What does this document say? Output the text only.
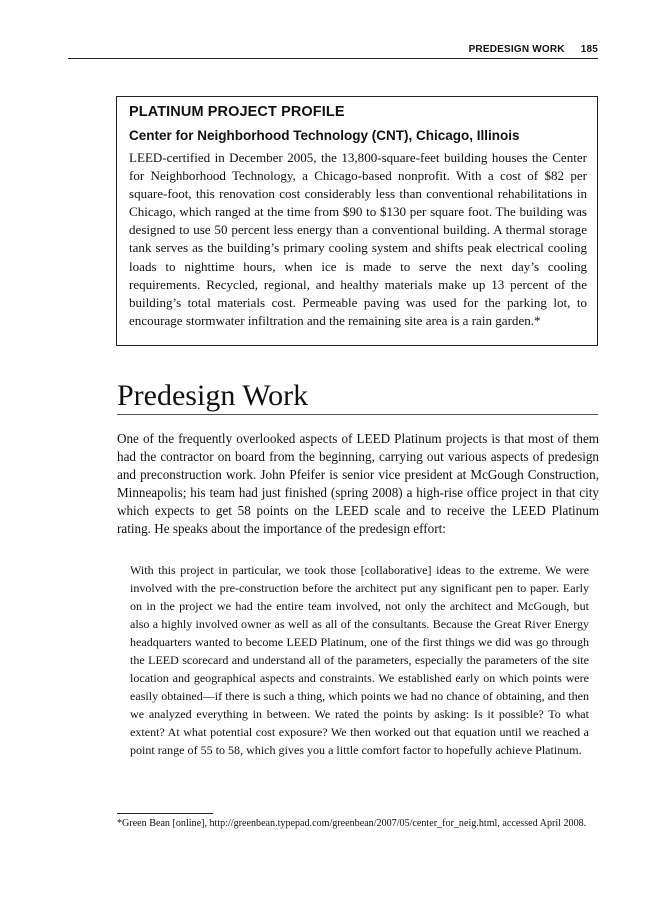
PREDESIGN WORK 185
PLATINUM PROJECT PROFILE
Center for Neighborhood Technology (CNT), Chicago, Illinois

LEED-certified in December 2005, the 13,800-square-feet building houses the Center for Neighborhood Technology, a Chicago-based nonprofit. With a cost of $82 per square-foot, this renovation cost considerably less than conventional rehabilitations in Chicago, which ranged at the time from $90 to $130 per square foot. The building was designed to use 50 percent less energy than a conventional building. A thermal storage tank serves as the building’s primary cooling system and shifts peak electrical cooling loads to nighttime hours, when ice is made to serve the next day’s cooling requirements. Recycled, regional, and healthy materials make up 13 percent of the building’s total materials cost. Permeable paving was used for the parking lot, to encourage stormwater infiltration and the remaining site area is a rain garden.*

Predesign Work

One of the frequently overlooked aspects of LEED Platinum projects is that most of them had the contractor on board from the beginning, carrying out various aspects of predesign and preconstruction work. John Pfeifer is senior vice president at McGough Construction, Minneapolis; his team had just finished (spring 2008) a high-rise office project in that city which expects to get 58 points on the LEED scale and to receive the LEED Platinum rating. He speaks about the importance of the predesign effort:

With this project in particular, we took those [collaborative] ideas to the extreme. We were involved with the pre-construction before the architect put any significant pen to paper. Early on in the project we had the entire team involved, not only the architect and McGough, but also a highly involved owner as well as all of the consultants. Because the Great River Energy headquarters wanted to become LEED Platinum, one of the first things we did was go through the LEED scorecard and understand all of the parameters, especially the parameters of the site location and geographical aspects and constraints. We established early on which points were easily obtained—if there is such a thing, which points we had no chance of obtaining, and then we analyzed everything in between. We rated the points by asking: Is it possible? To what extent? At what potential cost exposure? We then worked out that equation until we reached a point range of 55 to 58, which gives you a little comfort factor to hopefully achieve Platinum.

*Green Bean [online], http://greenbean.typepad.com/greenbean/2007/05/center_for_neig.html, accessed April 2008.
